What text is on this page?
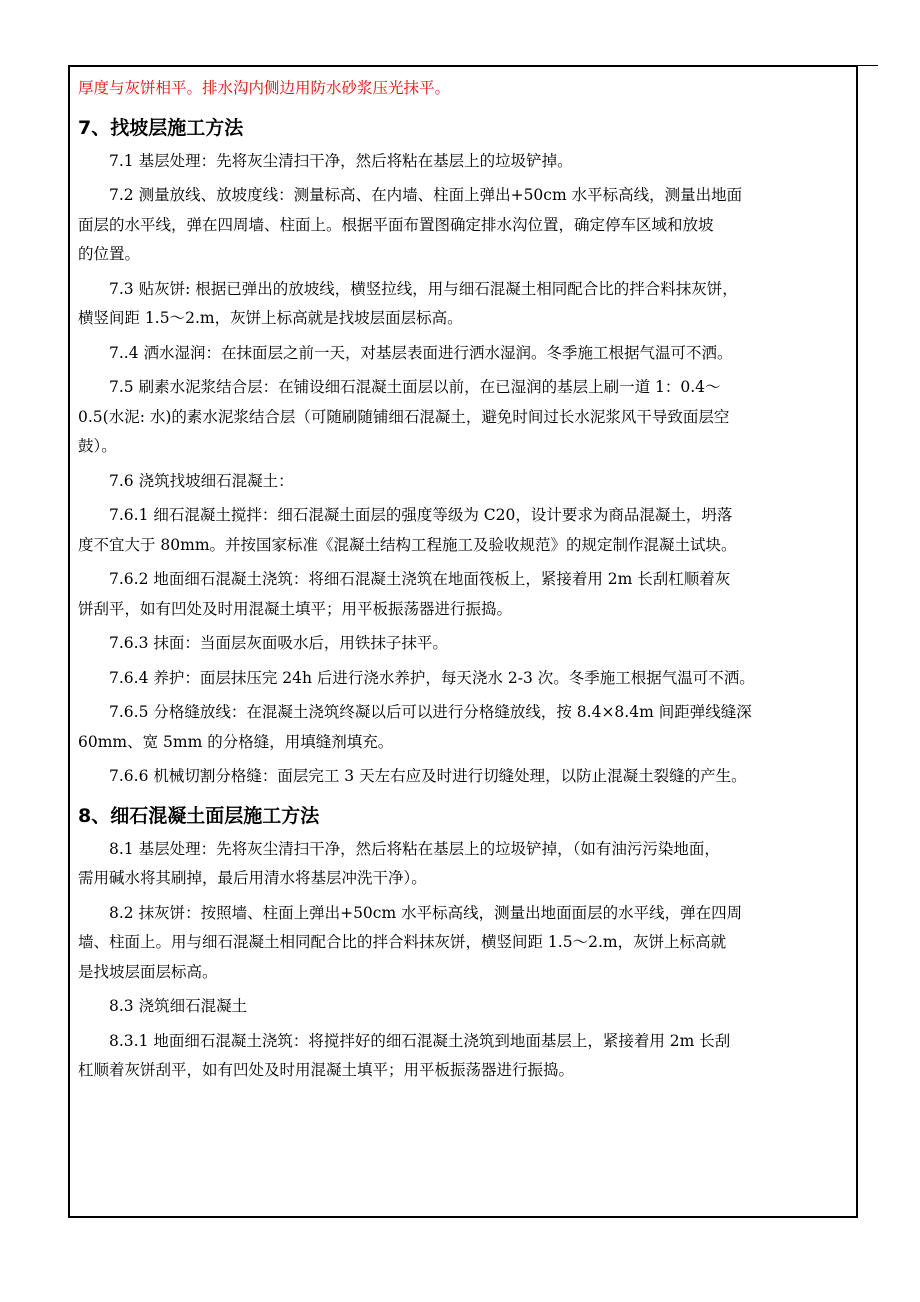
厚度与灰饼相平。排水沟内侧边用防水砂浆压光抹平。
7、找坡层施工方法
7.1 基层处理：先将灰尘清扫干净，然后将粘在基层上的垃圾铲掉。
7.2 测量放线、放坡度线：测量标高、在内墙、柱面上弹出+50cm 水平标高线，测量出地面
面层的水平线，弹在四周墙、柱面上。根据平面布置图确定排水沟位置，确定停车区域和放坡
的位置。
7.3 贴灰饼: 根据已弹出的放坡线，横竖拉线，用与细石混凝土相同配合比的拌合料抹灰饼，
横竖间距 1.5～2.m，灰饼上标高就是找坡层面层标高。
7..4 洒水湿润：在抹面层之前一天，对基层表面进行洒水湿润。冬季施工根据气温可不洒。
7.5 刷素水泥浆结合层：在铺设细石混凝土面层以前，在已湿润的基层上刷一道 1：0.4～
0.5(水泥: 水)的素水泥浆结合层（可随刷随铺细石混凝土，避免时间过长水泥浆风干导致面层空
鼓）。
7.6 浇筑找坡细石混凝土：
7.6.1 细石混凝土搅拌：细石混凝土面层的强度等级为 C20，设计要求为商品混凝土，坍落
度不宜大于 80mm。并按国家标准《混凝土结构工程施工及验收规范》的规定制作混凝土试块。
7.6.2 地面细石混凝土浇筑：将细石混凝土浇筑在地面筏板上，紧接着用 2m 长刮杠顺着灰
饼刮平，如有凹处及时用混凝土填平；用平板振荡器进行振捣。
7.6.3 抹面：当面层灰面吸水后，用铁抹子抹平。
7.6.4 养护：面层抹压完 24h 后进行浇水养护，每天浇水 2-3 次。冬季施工根据气温可不洒。
7.6.5 分格缝放线：在混凝土浇筑终凝以后可以进行分格缝放线，按 8.4×8.4m 间距弹线缝深
60mm、宽 5mm 的分格缝，用填缝剂填充。
7.6.6 机械切割分格缝：面层完工 3 天左右应及时进行切缝处理，以防止混凝土裂缝的产生。
8、细石混凝土面层施工方法
8.1 基层处理：先将灰尘清扫干净，然后将粘在基层上的垃圾铲掉，（如有油污污染地面，
需用碱水将其刷掉，最后用清水将基层冲洗干净）。
8.2 抹灰饼：按照墙、柱面上弹出+50cm 水平标高线，测量出地面面层的水平线，弹在四周
墙、柱面上。用与细石混凝土相同配合比的拌合料抹灰饼，横竖间距 1.5～2.m，灰饼上标高就
是找坡层面层标高。
8.3 浇筑细石混凝土
8.3.1 地面细石混凝土浇筑：将搅拌好的细石混凝土浇筑到地面基层上，紧接着用 2m 长刮
杠顺着灰饼刮平，如有凹处及时用混凝土填平；用平板振荡器进行振捣。
